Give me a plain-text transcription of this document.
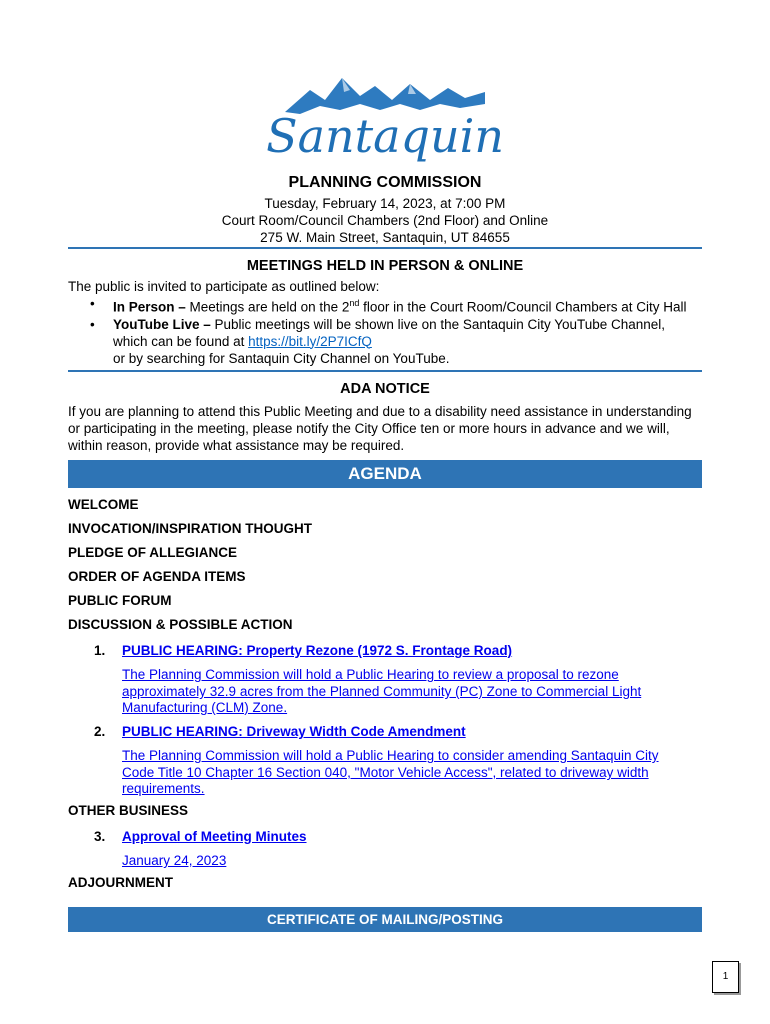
Santaquin
PLANNING COMMISSION
Tuesday, February 14, 2023, at 7:00 PM
Court Room/Council Chambers (2nd Floor) and Online
275 W. Main Street, Santaquin, UT 84655
MEETINGS HELD IN PERSON & ONLINE
The public is invited to participate as outlined below:
• In Person – Meetings are held on the 2nd floor in the Court Room/Council Chambers at City Hall
• YouTube Live – Public meetings will be shown live on the Santaquin City YouTube Channel,
which can be found at https://bit.ly/2P7ICfQ
or by searching for Santaquin City Channel on YouTube.
ADA NOTICE
If you are planning to attend this Public Meeting and due to a disability need assistance in understanding
or participating in the meeting, please notify the City Office ten or more hours in advance and we will,
within reason, provide what assistance may be required.
AGENDA
WELCOME
INVOCATION/INSPIRATION THOUGHT
PLEDGE OF ALLEGIANCE
ORDER OF AGENDA ITEMS
PUBLIC FORUM
DISCUSSION & POSSIBLE ACTION
1. PUBLIC HEARING: Property Rezone (1972 S. Frontage Road)
The Planning Commission will hold a Public Hearing to review a proposal to rezone
approximately 32.9 acres from the Planned Community (PC) Zone to Commercial Light
Manufacturing (CLM) Zone.
2. PUBLIC HEARING: Driveway Width Code Amendment
The Planning Commission will hold a Public Hearing to consider amending Santaquin City
Code Title 10 Chapter 16 Section 040, "Motor Vehicle Access", related to driveway width
requirements.
OTHER BUSINESS
3. Approval of Meeting Minutes
January 24, 2023
ADJOURNMENT
CERTIFICATE OF MAILING/POSTING
1
